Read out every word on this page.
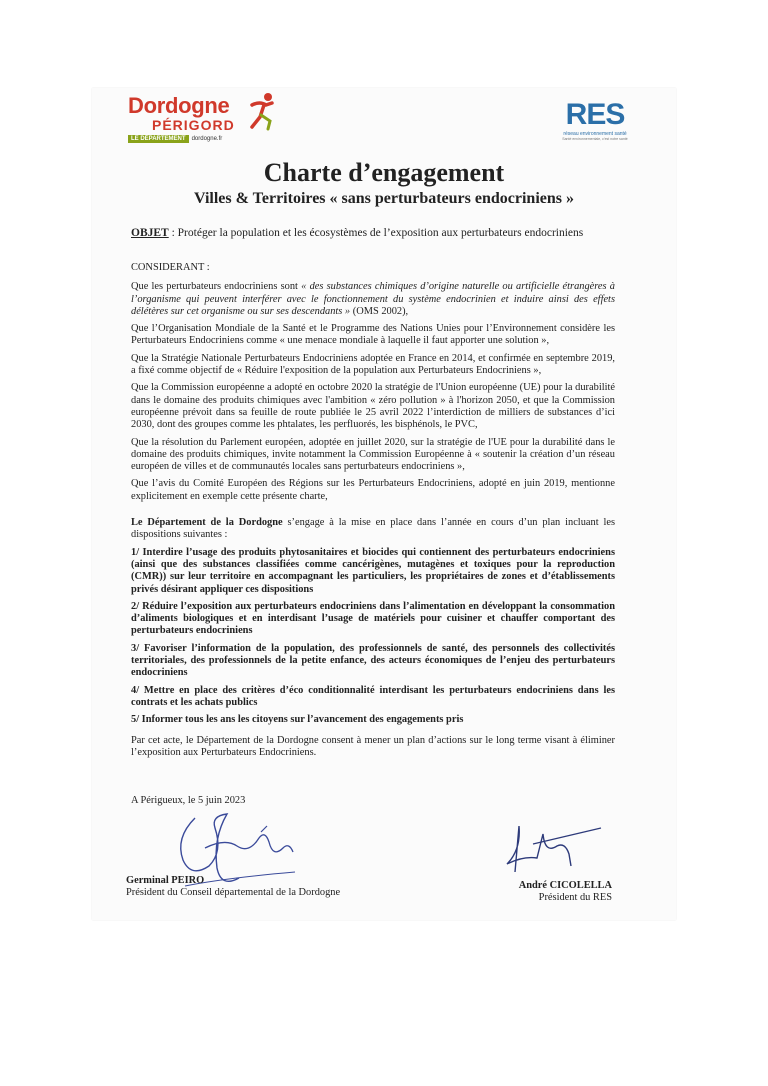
Dordogne
PÉRIGORD
LE DÉPARTEMENT	dordogne.fr
RES
réseau environnement santé
Santé environnementale, c'est notre santé
Charte d’engagement
Villes & Territoires « sans perturbateurs endocriniens »
OBJET : Protéger la population et les écosystèmes de l’exposition aux perturbateurs endocriniens

CONSIDERANT :

Que les perturbateurs endocriniens sont « des substances chimiques d’origine naturelle ou artificielle étrangères à l’organisme qui peuvent interférer avec le fonctionnement du système endocrinien et induire ainsi des effets délétères sur cet organisme ou sur ses descendants » (OMS 2002),

Que l’Organisation Mondiale de la Santé et le Programme des Nations Unies pour l’Environnement considère les Perturbateurs Endocriniens comme « une menace mondiale à laquelle il faut apporter une solution »,

Que la Stratégie Nationale Perturbateurs Endocriniens adoptée en France en 2014, et confirmée en septembre 2019, a fixé comme objectif de « Réduire l'exposition de la population aux Perturbateurs Endocriniens »,

Que la Commission européenne a adopté en octobre 2020 la stratégie de l'Union européenne (UE) pour la durabilité dans le domaine des produits chimiques avec l'ambition « zéro pollution » à l'horizon 2050, et que la Commission européenne prévoit dans sa feuille de route publiée le 25 avril 2022 l’interdiction de milliers de substances d’ici 2030, dont des groupes comme les phtalates, les perfluorés, les bisphénols, le PVC,

Que la résolution du Parlement européen, adoptée en juillet 2020, sur la stratégie de l'UE pour la durabilité dans le domaine des produits chimiques, invite notamment la Commission Européenne à « soutenir la création d’un réseau européen de villes et de communautés locales sans perturbateurs endocriniens »,

Que l’avis du Comité Européen des Régions sur les Perturbateurs Endocriniens, adopté en juin 2019, mentionne explicitement en exemple cette présente charte,

Le Département de la Dordogne s’engage à la mise en place dans l’année en cours d’un plan incluant les dispositions suivantes :

1/ Interdire l’usage des produits phytosanitaires et biocides qui contiennent des perturbateurs endocriniens (ainsi que des substances classifiées comme cancérigènes, mutagènes et toxiques pour la reproduction (CMR)) sur leur territoire en accompagnant les particuliers, les propriétaires de zones et d’établissements privés désirant appliquer ces dispositions

2/ Réduire l’exposition aux perturbateurs endocriniens dans l’alimentation en développant la consommation d’aliments biologiques et en interdisant l’usage de matériels pour cuisiner et chauffer comportant des perturbateurs endocriniens

3/ Favoriser l’information de la population, des professionnels de santé, des personnels des collectivités territoriales, des professionnels de la petite enfance, des acteurs économiques de l’enjeu des perturbateurs endocriniens

4/ Mettre en place des critères d’éco conditionnalité interdisant les perturbateurs endocriniens dans les contrats et les achats publics

5/ Informer tous les ans les citoyens sur l’avancement des engagements pris

Par cet acte, le Département de la Dordogne consent à mener un plan d’actions sur le long terme visant à éliminer l’exposition aux Perturbateurs Endocriniens.

A Périgueux, le 5 juin 2023
Germinal PEIRO
Président du Conseil départemental de la Dordogne
André CICOLELLA
Président du RES
